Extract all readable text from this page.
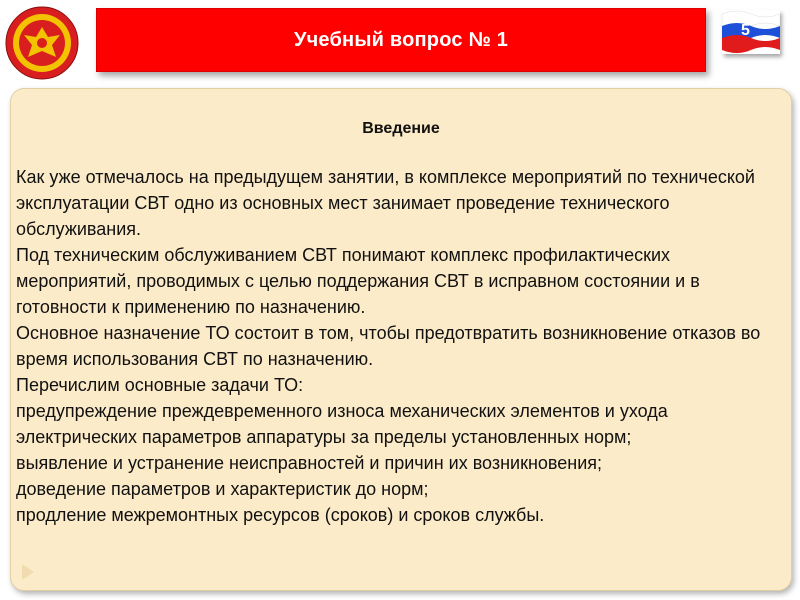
Учебный вопрос № 1	5
Введение

Как уже отмечалось на предыдущем занятии, в комплексе мероприятий по технической эксплуатации СВТ одно из основных мест занимает проведение технического обслуживания.

Под техническим обслуживанием СВТ понимают комплекс профилактических мероприятий, проводимых с целью поддержания СВТ в исправном состоянии и в готовности к применению по назначению.

Основное назначение ТО состоит в том, чтобы предотвратить возникновение отказов во время использования СВТ по назначению.

Перечислим основные задачи ТО:

предупреждение преждевременного износа механических элементов и ухода электрических параметров аппаратуры за пределы установленных норм;

выявление и устранение неисправностей и причин их возникновения;

доведение параметров и характеристик до норм;

продление межремонтных ресурсов (сроков) и сроков службы.
